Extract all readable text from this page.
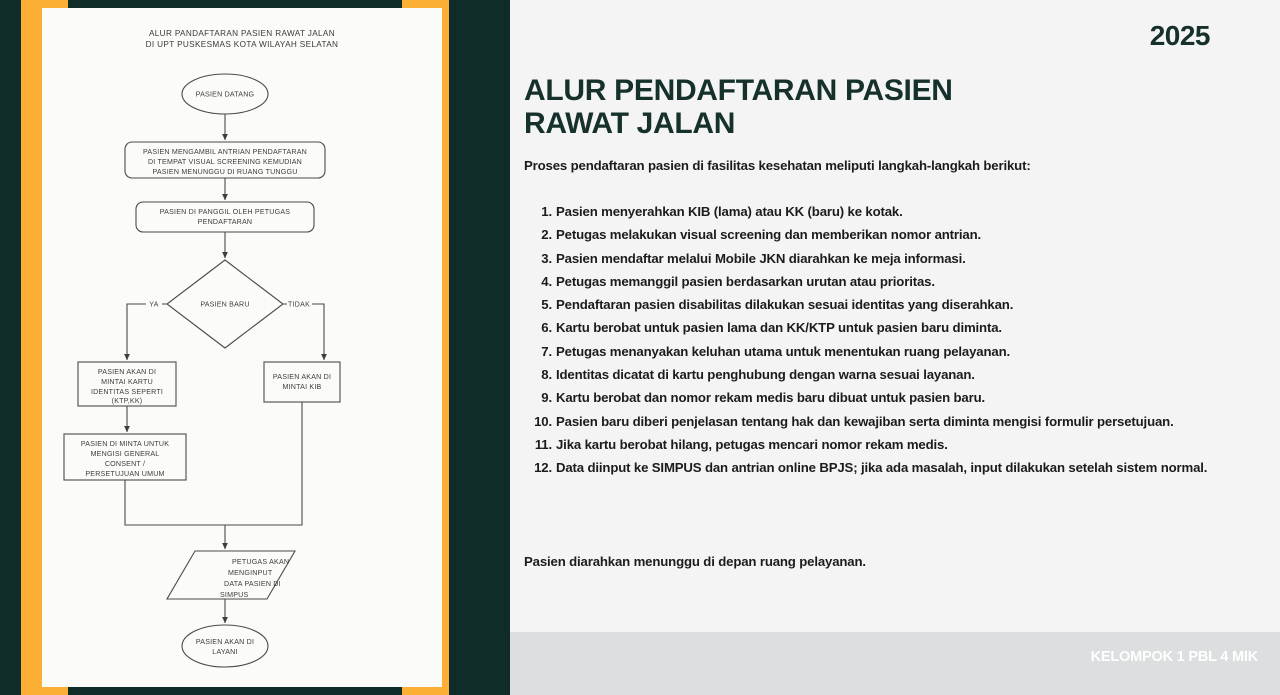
ALUR PANDAFTARAN PASIEN RAWAT JALAN
DI UPT PUSKESMAS KOTA WILAYAH SELATAN
PASIEN DATANG
PASIEN MENGAMBIL ANTRIAN PENDAFTARAN
DI TEMPAT VISUAL SCREENING KEMUDIAN
PASIEN MENUNGGU DI RUANG TUNGGU
PASIEN DI PANGGIL OLEH PETUGAS
PENDAFTARAN
PASIEN BARU
YA	TIDAK
PASIEN AKAN DI
MINTAI KARTU
IDENTITAS SEPERTI
(KTP,KK)
PASIEN AKAN DI
MINTAI KIB
PASIEN DI MINTA UNTUK
MENGISI GENERAL
CONSENT /
PERSETUJUAN UMUM
PETUGAS AKAN
MENGINPUT
DATA PASIEN DI
SIMPUS
PASIEN AKAN DI
LAYANI
2025
ALUR PENDAFTARAN PASIEN
RAWAT JALAN

Proses pendaftaran pasien di fasilitas kesehatan meliputi langkah-langkah berikut:

1. Pasien menyerahkan KIB (lama) atau KK (baru) ke kotak.
2. Petugas melakukan visual screening dan memberikan nomor antrian.
3. Pasien mendaftar melalui Mobile JKN diarahkan ke meja informasi.
4. Petugas memanggil pasien berdasarkan urutan atau prioritas.
5. Pendaftaran pasien disabilitas dilakukan sesuai identitas yang diserahkan.
6. Kartu berobat untuk pasien lama dan KK/KTP untuk pasien baru diminta.
7. Petugas menanyakan keluhan utama untuk menentukan ruang pelayanan.
8. Identitas dicatat di kartu penghubung dengan warna sesuai layanan.
9. Kartu berobat dan nomor rekam medis baru dibuat untuk pasien baru.
10. Pasien baru diberi penjelasan tentang hak dan kewajiban serta diminta mengisi formulir persetujuan.
11. Jika kartu berobat hilang, petugas mencari nomor rekam medis.
12. Data diinput ke SIMPUS dan antrian online BPJS; jika ada masalah, input dilakukan setelah sistem normal.

Pasien diarahkan menunggu di depan ruang pelayanan.

KELOMPOK 1 PBL 4 MIK
